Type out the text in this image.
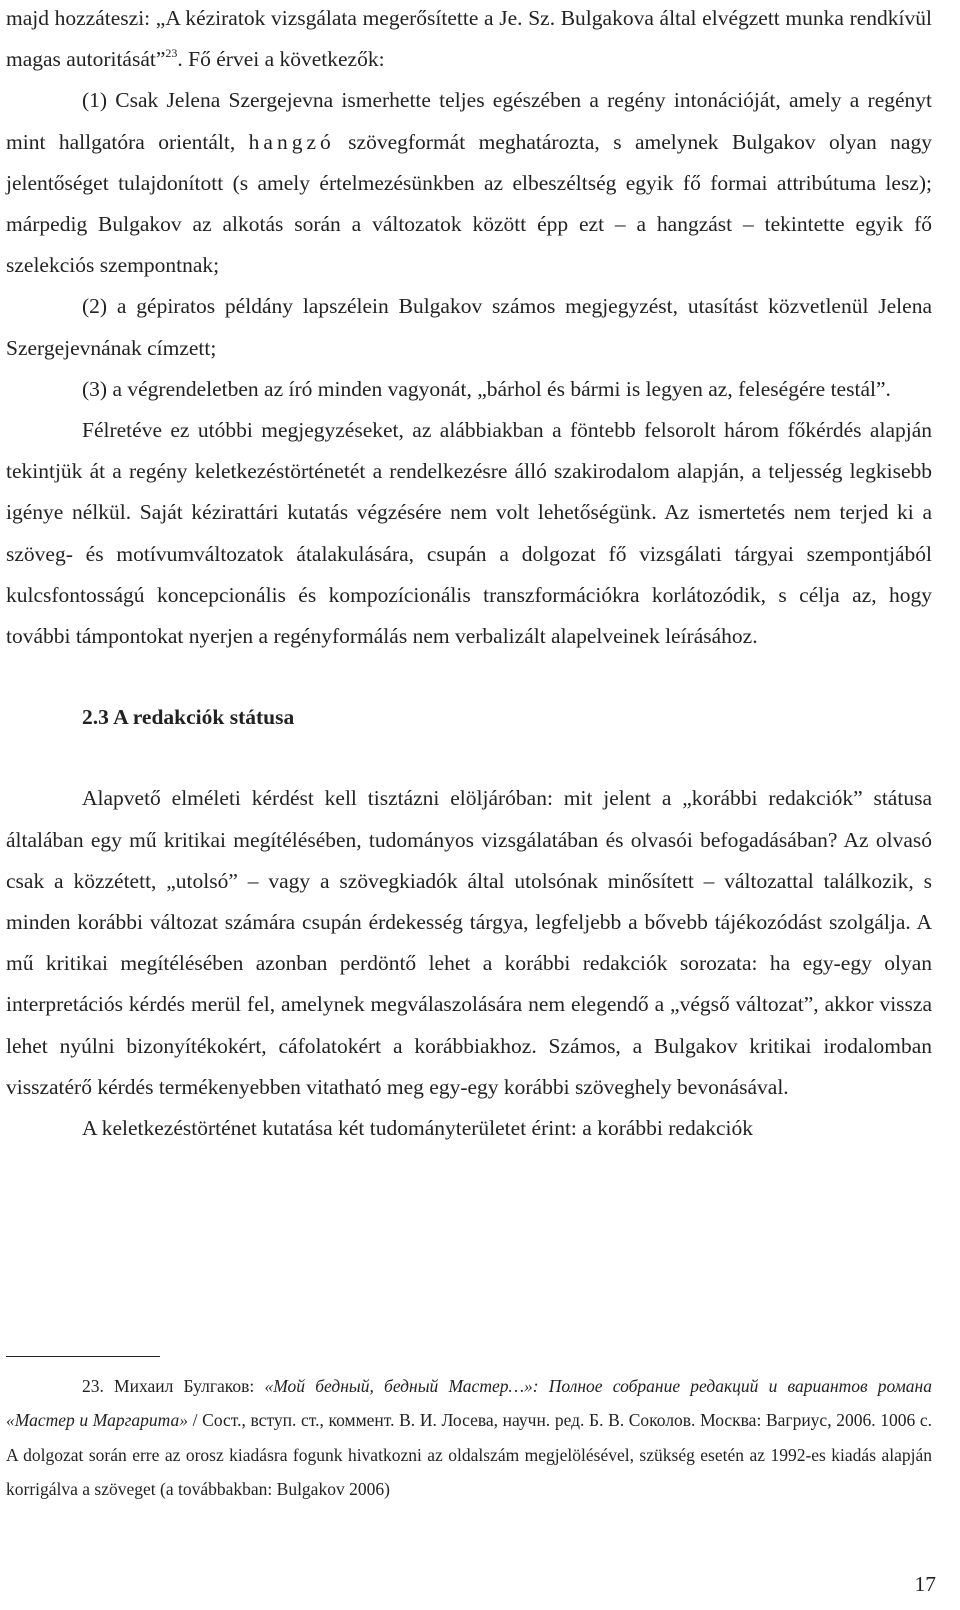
majd hozzáteszi: „A kéziratok vizsgálata megerősítette a Je. Sz. Bulgakova által elvégzett munka rendkívül magas autoritását”$^{23}$. Fő érvei a következők:

(1) Csak Jelena Szergejevna ismerhette teljes egészében a regény intonációját, amely a regényt mint hallgatóra orientált, hangzó szövegformát meghatározta, s amelynek Bulgakov olyan nagy jelentőséget tulajdonított (s amely értelmezésünkben az elbeszéltség egyik fő formai attribútuma lesz); márpedig Bulgakov az alkotás során a változatok között épp ezt – a hangzást – tekintette egyik fő szelekciós szempontnak;

(2) a gépiratos példány lapszélein Bulgakov számos megjegyzést, utasítást közvetlenül Jelena Szergejevnának címzett;

(3) a végrendeletben az író minden vagyonát, „bárhol és bármi is legyen az, feleségére testál”.

Félretéve ez utóbbi megjegyzéseket, az alábbiakban a föntebb felsorolt három főkérdés alapján tekintjük át a regény keletkezéstörténetét a rendelkezésre álló szakirodalom alapján, a teljesség legkisebb igénye nélkül. Saját kézirattári kutatás végzésére nem volt lehetőségünk. Az ismertetés nem terjed ki a szöveg- és motívumváltozatok átalakulására, csupán a dolgozat fő vizsgálati tárgyai szempontjából kulcsfontosságú koncepcionális és kompozícionális transzformációkra korlátozódik, s célja az, hogy további támpontokat nyerjen a regényformálás nem verbalizált alapelveinek leírásához.

2.3 A redakciók státusa

Alapvető elméleti kérdést kell tisztázni elöljáróban: mit jelent a „korábbi redakciók” státusa általában egy mű kritikai megítélésében, tudományos vizsgálatában és olvasói befogadásában? Az olvasó csak a közzétett, „utolsó” – vagy a szövegkiadók által utolsónak minősített – változattal találkozik, s minden korábbi változat számára csupán érdekesség tárgya, legfeljebb a bővebb tájékozódást szolgálja. A mű kritikai megítélésében azonban perdöntő lehet a korábbi redakciók sorozata: ha egy-egy olyan interpretációs kérdés merül fel, amelynek megválaszolására nem elegendő a „végső változat”, akkor vissza lehet nyúlni bizonyítékokért, cáfolatokért a korábbiakhoz. Számos, a Bulgakov kritikai irodalomban visszatérő kérdés termékenyebben vitatható meg egy-egy korábbi szöveghely bevonásával.

A keletkezéstörténet kutatása két tudományterületet érint: a korábbi redakciók

23. Михаил Булгаков: «Мой бедный, бедный Мастер…»: Полное собрание редакций и вариантов романа «Мастер и Маргарита» / Сост., вступ. ст., коммент. В. И. Лосева, научн. ред. Б. В. Соколов. Москва: Вагриус, 2006. 1006 с. A dolgozat során erre az orosz kiadásra fogunk hivatkozni az oldalszám megjelölésével, szükség esetén az 1992-es kiadás alapján korrigálva a szöveget (a továbbakban: Bulgakov 2006)

17
